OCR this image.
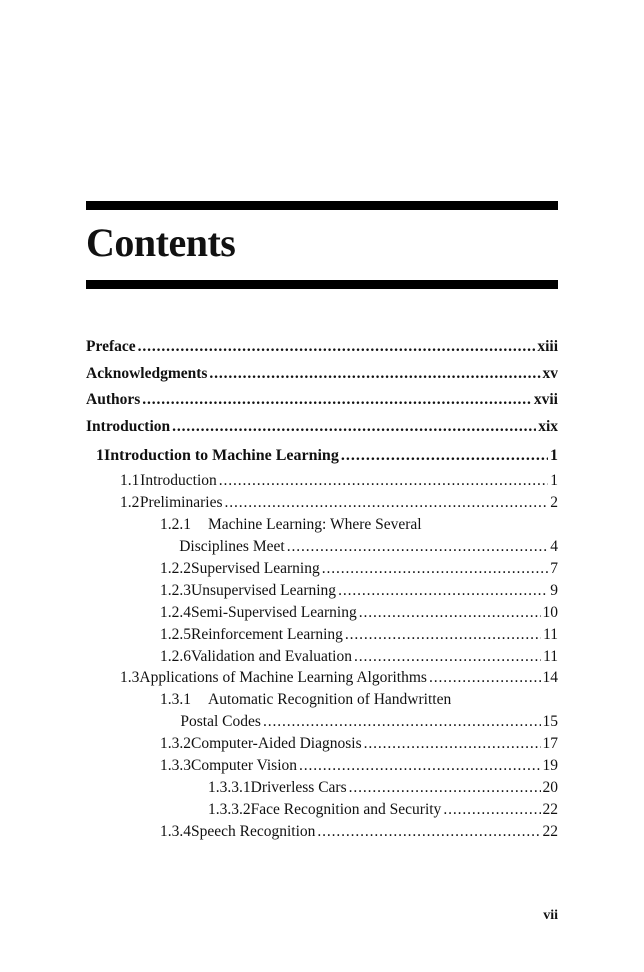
Contents
Preface . . .	xiii
Acknowledgments . . .	xv
Authors . . .	xvii
Introduction . . .	xix
1 Introduction to Machine Learning . . .	1
1.1 Introduction . . .	1
1.2 Preliminaries . . .	2
1.2.1	Machine Learning: Where Several
Disciplines Meet . . .	4
1.2.2 Supervised Learning . . .	7
1.2.3 Unsupervised Learning . . .	9
1.2.4 Semi-Supervised Learning . . .	10
1.2.5 Reinforcement Learning . . .	11
1.2.6 Validation and Evaluation . . .	11
1.3 Applications of Machine Learning Algorithms . . .	14
1.3.1	Automatic Recognition of Handwritten
Postal Codes . . .	15
1.3.2 Computer-Aided Diagnosis . . .	17
1.3.3 Computer Vision . . .	19
1.3.3.1 Driverless Cars . . .	20
1.3.3.2 Face Recognition and Security . . .	22
1.3.4 Speech Recognition . . .	22
vii
